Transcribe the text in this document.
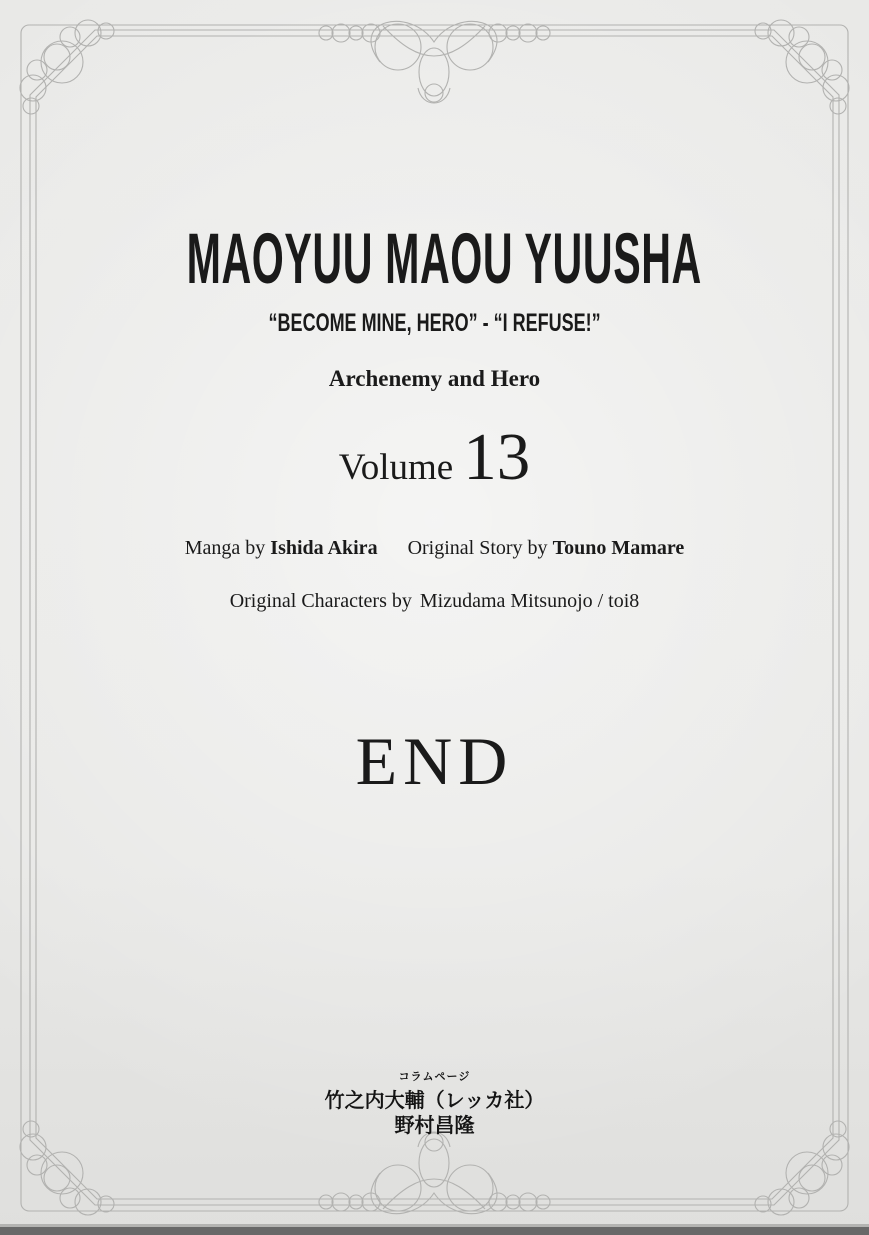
MAOYUU MAOU YUUSHA
“BECOME MINE, HERO” - “I REFUSE!”
Archenemy and Hero
Volume 13
Manga by Ishida Akira Original Story by Touno Mamare
Original Characters by Mizudama Mitsunojo / toi8
END
コラムページ
竹之内大輔（レッカ社）
野村昌隆
